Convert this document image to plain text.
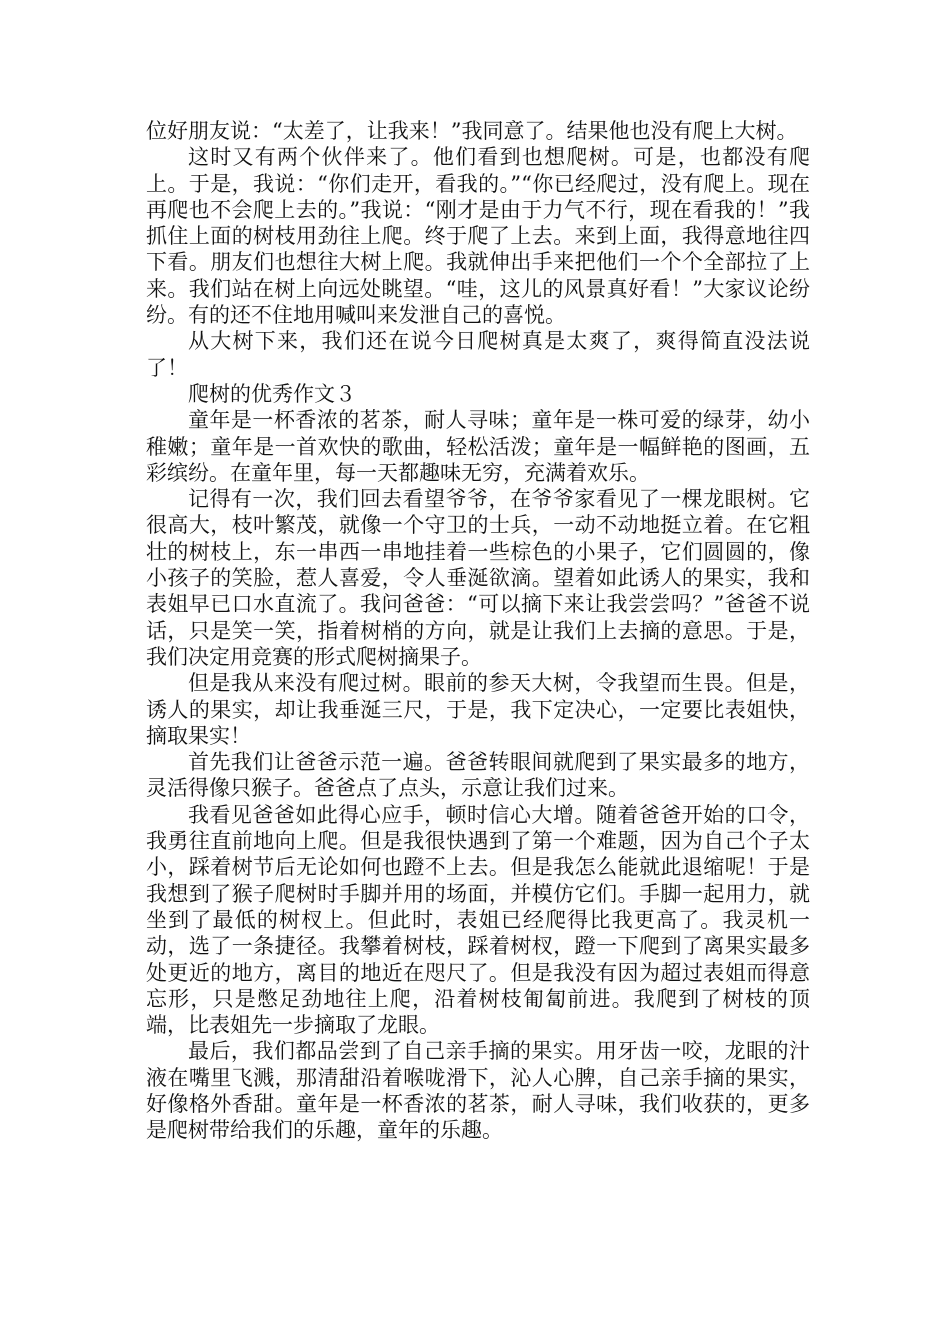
位好朋友说：“太差了，让我来！”我同意了。结果他也没有爬上大树。

这时又有两个伙伴来了。他们看到也想爬树。可是，也都没有爬上。于是，我说：“你们走开，看我的。”“你已经爬过，没有爬上。现在再爬也不会爬上去的。”我说：“刚才是由于力气不行，现在看我的！”我抓住上面的树枝用劲往上爬。终于爬了上去。来到上面，我得意地往四下看。朋友们也想往大树上爬。我就伸出手来把他们一个个全部拉了上来。我们站在树上向远处眺望。“哇，这儿的风景真好看！”大家议论纷纷。有的还不住地用喊叫来发泄自己的喜悦。

从大树下来，我们还在说今日爬树真是太爽了，爽得简直没法说了！

爬树的优秀作文３

童年是一杯香浓的茗茶，耐人寻味；童年是一株可爱的绿芽，幼小稚嫩；童年是一首欢快的歌曲，轻松活泼；童年是一幅鲜艳的图画，五彩缤纷。在童年里，每一天都趣味无穷，充满着欢乐。

记得有一次，我们回去看望爷爷，在爷爷家看见了一棵龙眼树。它很高大，枝叶繁茂，就像一个守卫的士兵，一动不动地挺立着。在它粗壮的树枝上，东一串西一串地挂着一些棕色的小果子，它们圆圆的，像小孩子的笑脸，惹人喜爱，令人垂涎欲滴。望着如此诱人的果实，我和表姐早已口水直流了。我问爸爸：“可以摘下来让我尝尝吗？”爸爸不说话，只是笑一笑，指着树梢的方向，就是让我们上去摘的意思。于是，我们决定用竞赛的形式爬树摘果子。

但是我从来没有爬过树。眼前的参天大树，令我望而生畏。但是，诱人的果实，却让我垂涎三尺，于是，我下定决心，一定要比表姐快，摘取果实！

首先我们让爸爸示范一遍。爸爸转眼间就爬到了果实最多的地方，灵活得像只猴子。爸爸点了点头，示意让我们过来。

我看见爸爸如此得心应手，顿时信心大增。随着爸爸开始的口令，我勇往直前地向上爬。但是我很快遇到了第一个难题，因为自己个子太小，踩着树节后无论如何也蹬不上去。但是我怎么能就此退缩呢！于是我想到了猴子爬树时手脚并用的场面，并模仿它们。手脚一起用力，就坐到了最低的树杈上。但此时，表姐已经爬得比我更高了。我灵机一动，选了一条捷径。我攀着树枝，踩着树杈，蹬一下爬到了离果实最多处更近的地方，离目的地近在咫尺了。但是我没有因为超过表姐而得意忘形，只是憋足劲地往上爬，沿着树枝匍匐前进。我爬到了树枝的顶端，比表姐先一步摘取了龙眼。

最后，我们都品尝到了自己亲手摘的果实。用牙齿一咬，龙眼的汁液在嘴里飞溅，那清甜沿着喉咙滑下，沁人心脾，自己亲手摘的果实，好像格外香甜。童年是一杯香浓的茗茶，耐人寻味，我们收获的，更多是爬树带给我们的乐趣，童年的乐趣。
